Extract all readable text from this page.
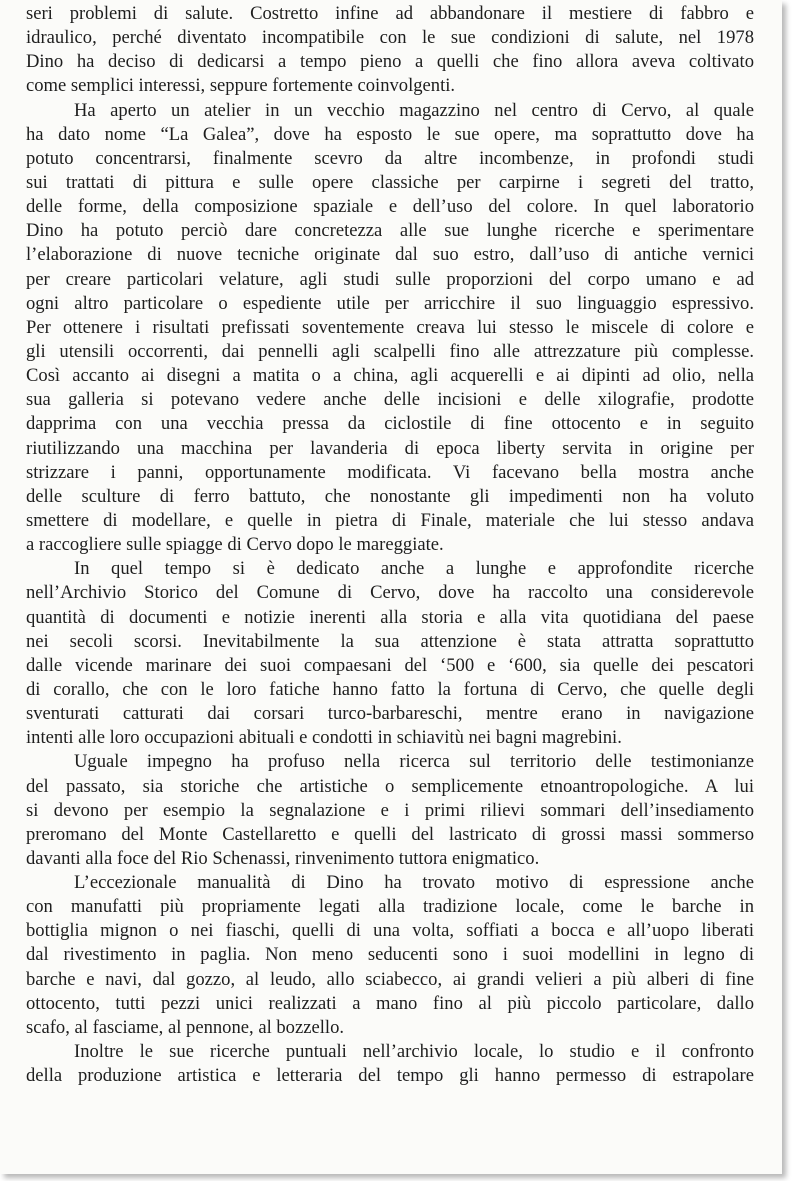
seri problemi di salute. Costretto infine ad abbandonare il mestiere di fabbro e
idraulico, perché diventato incompatibile con le sue condizioni di salute, nel 1978
Dino ha deciso di dedicarsi a tempo pieno a quelli che fino allora aveva coltivato
come semplici interessi, seppure fortemente coinvolgenti.
Ha aperto un atelier in un vecchio magazzino nel centro di Cervo, al quale
ha dato nome “La Galea”, dove ha esposto le sue opere, ma soprattutto dove ha
potuto concentrarsi, finalmente scevro da altre incombenze, in profondi studi
sui trattati di pittura e sulle opere classiche per carpirne i segreti del tratto,
delle forme, della composizione spaziale e dell’uso del colore. In quel laboratorio
Dino ha potuto perciò dare concretezza alle sue lunghe ricerche e sperimentare
l’elaborazione di nuove tecniche originate dal suo estro, dall’uso di antiche vernici
per creare particolari velature, agli studi sulle proporzioni del corpo umano e ad
ogni altro particolare o espediente utile per arricchire il suo linguaggio espressivo.
Per ottenere i risultati prefissati soventemente creava lui stesso le miscele di colore e
gli utensili occorrenti, dai pennelli agli scalpelli fino alle attrezzature più complesse.
Così accanto ai disegni a matita o a china, agli acquerelli e ai dipinti ad olio, nella
sua galleria si potevano vedere anche delle incisioni e delle xilografie, prodotte
dapprima con una vecchia pressa da ciclostile di fine ottocento e in seguito
riutilizzando una macchina per lavanderia di epoca liberty servita in origine per
strizzare i panni, opportunamente modificata. Vi facevano bella mostra anche
delle sculture di ferro battuto, che nonostante gli impedimenti non ha voluto
smettere di modellare, e quelle in pietra di Finale, materiale che lui stesso andava
a raccogliere sulle spiagge di Cervo dopo le mareggiate.
In quel tempo si è dedicato anche a lunghe e approfondite ricerche
nell’Archivio Storico del Comune di Cervo, dove ha raccolto una considerevole
quantità di documenti e notizie inerenti alla storia e alla vita quotidiana del paese
nei secoli scorsi. Inevitabilmente la sua attenzione è stata attratta soprattutto
dalle vicende marinare dei suoi compaesani del ‘500 e ‘600, sia quelle dei pescatori
di corallo, che con le loro fatiche hanno fatto la fortuna di Cervo, che quelle degli
sventurati catturati dai corsari turco-barbareschi, mentre erano in navigazione
intenti alle loro occupazioni abituali e condotti in schiavitù nei bagni magrebini.
Uguale impegno ha profuso nella ricerca sul territorio delle testimonianze
del passato, sia storiche che artistiche o semplicemente etnoantropologiche. A lui
si devono per esempio la segnalazione e i primi rilievi sommari dell’insediamento
preromano del Monte Castellaretto e quelli del lastricato di grossi massi sommerso
davanti alla foce del Rio Schenassi, rinvenimento tuttora enigmatico.
L’eccezionale manualità di Dino ha trovato motivo di espressione anche
con manufatti più propriamente legati alla tradizione locale, come le barche in
bottiglia mignon o nei fiaschi, quelli di una volta, soffiati a bocca e all’uopo liberati
dal rivestimento in paglia. Non meno seducenti sono i suoi modellini in legno di
barche e navi, dal gozzo, al leudo, allo sciabecco, ai grandi velieri a più alberi di fine
ottocento, tutti pezzi unici realizzati a mano fino al più piccolo particolare, dallo
scafo, al fasciame, al pennone, al bozzello.
Inoltre le sue ricerche puntuali nell’archivio locale, lo studio e il confronto
della produzione artistica e letteraria del tempo gli hanno permesso di estrapolare
